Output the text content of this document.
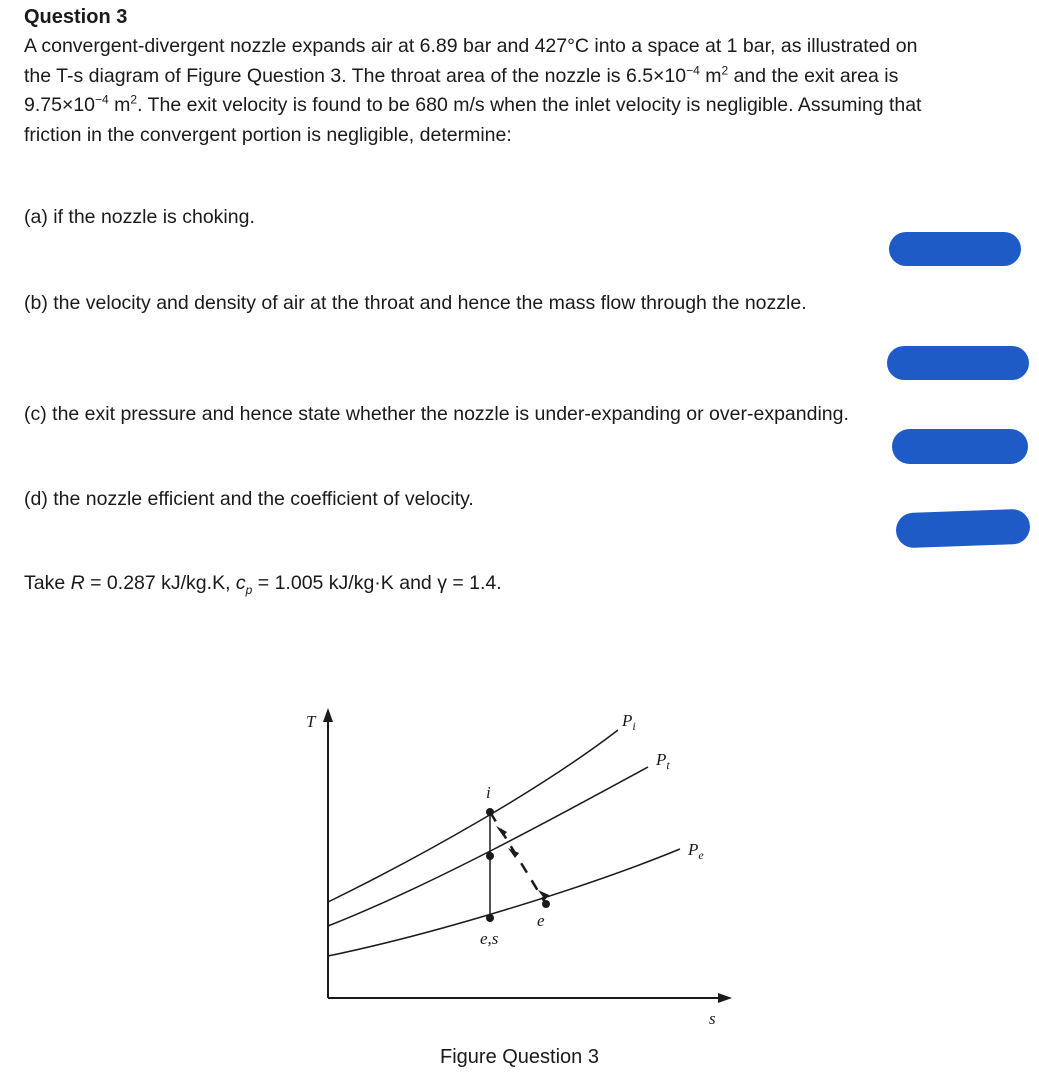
Question 3

A convergent-divergent nozzle expands air at 6.89 bar and 427°C into a space at 1 bar, as illustrated on

the T-s diagram of Figure Question 3. The throat area of the nozzle is $6.5\times 10^{-4}$ $m^2$ and the exit area is

$9.75\times 10^{-4}$ $m^2$. The exit velocity is found to be 680 m/s when the inlet velocity is negligible. Assuming that

friction in the convergent portion is negligible, determine:

(a) if the nozzle is choking.

(b) the velocity and density of air at the throat and hence the mass flow through the nozzle.

(c) the exit pressure and hence state whether the nozzle is under-expanding or over-expanding.

(d) the nozzle efficient and the coefficient of velocity.

Take R = 0.287 kJ/kg.K, $c_p = 1.005$ kJ/kg·K and γ = 1.4.

T
s
$P_i$
$P_t$
$P_e$
i
e
e,s

Figure Question 3
